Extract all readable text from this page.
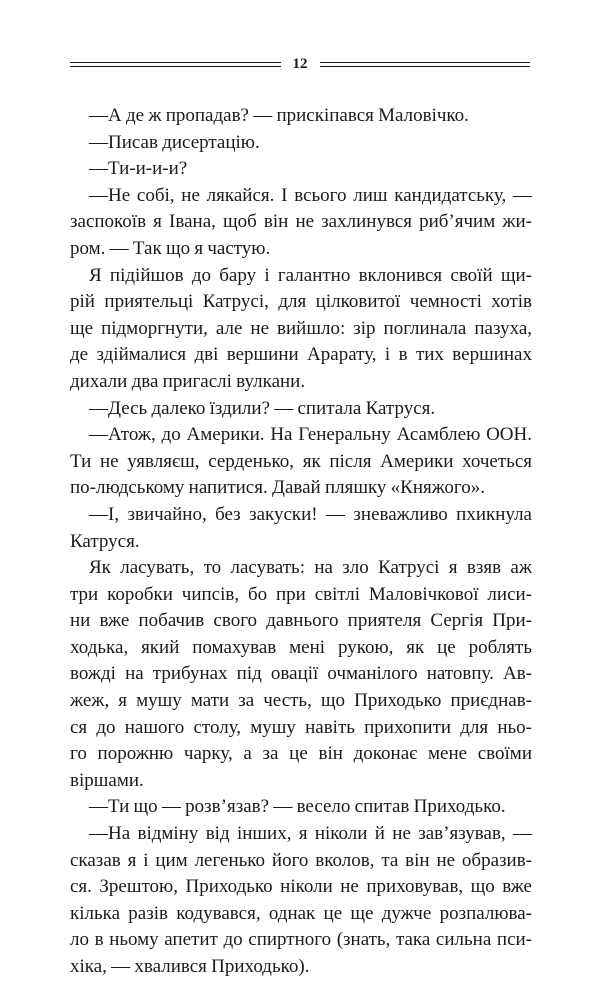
12

—А де ж пропадав? — прискіпався Маловічко.

—Писав дисертацію.

—Ти-и-и-и?

—Не собі, не лякайся. І всього лиш кандидатську, —

заспокоїв я Івана, щоб він не захлинувся риб’ячим жи-

ром. — Так що я частую.

Я підійшов до бару і галантно вклонився своїй щи-

рій приятельці Катрусі, для цілковитої чемності хотів

ще підморгнути, але не вийшло: зір поглинала пазуха,

де здіймалися дві вершини Арарату, і в тих вершинах

дихали два пригаслі вулкани.

—Десь далеко їздили? — спитала Катруся.

—Атож, до Америки. На Генеральну Асамблею ООН.

Ти не уявляєш, серденько, як після Америки хочеться

по-людському напитися. Давай пляшку «Княжого».

—І, звичайно, без закуски! — зневажливо пхикнула

Катруся.

Як ласувать, то ласувать: на зло Катрусі я взяв аж

три коробки чипсів, бо при світлі Маловічкової лиси-

ни вже побачив свого давнього приятеля Сергія При-

ходька, який помахував мені рукою, як це роблять

вожді на трибунах під овації очманілого натовпу. Ав-

жеж, я мушу мати за честь, що Приходько приєднав-

ся до нашого столу, мушу навіть прихопити для ньо-

го порожню чарку, а за це він доконає мене своїми

віршами.

—Ти що — розв’язав? — весело спитав Приходько.

—На відміну від інших, я ніколи й не зав’язував, —

сказав я і цим легенько його вколов, та він не образив-

ся. Зрештою, Приходько ніколи не приховував, що вже

кілька разів кодувався, однак це ще дужче розпалюва-

ло в ньому апетит до спиртного (знать, така сильна пси-

хіка, — хвалився Приходько).
